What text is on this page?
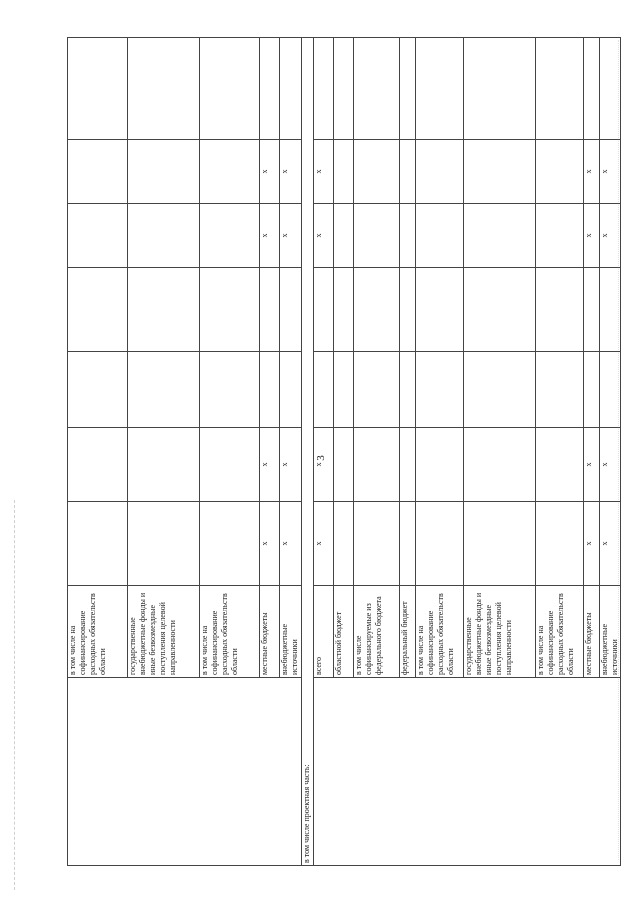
3
	в том числе на софинансирование расходных обязательств области							
	государственные внебюджетные фонды и иные безвозмездные поступления целевой направленности							
	в том числе на софинансирование расходных обязательств области							
	местные бюджеты	x	x			x	x	
	внебюджетные источники	x	x			x	x	
в том числе проектная часть:								
	всего	x	x			x	x	
	областной бюджет							
	в том числе софинансируемые из федерального бюджета							
	федеральный бюджет							
	в том числе на софинансирование расходных обязательств области							
	государственные внебюджетные фонды и иные безвозмездные поступления целевой направленности							
	в том числе на софинансирование расходных обязательств области							
	местные бюджеты	x	x			x	x	
	внебюджетные источники	x	x			x	x	
